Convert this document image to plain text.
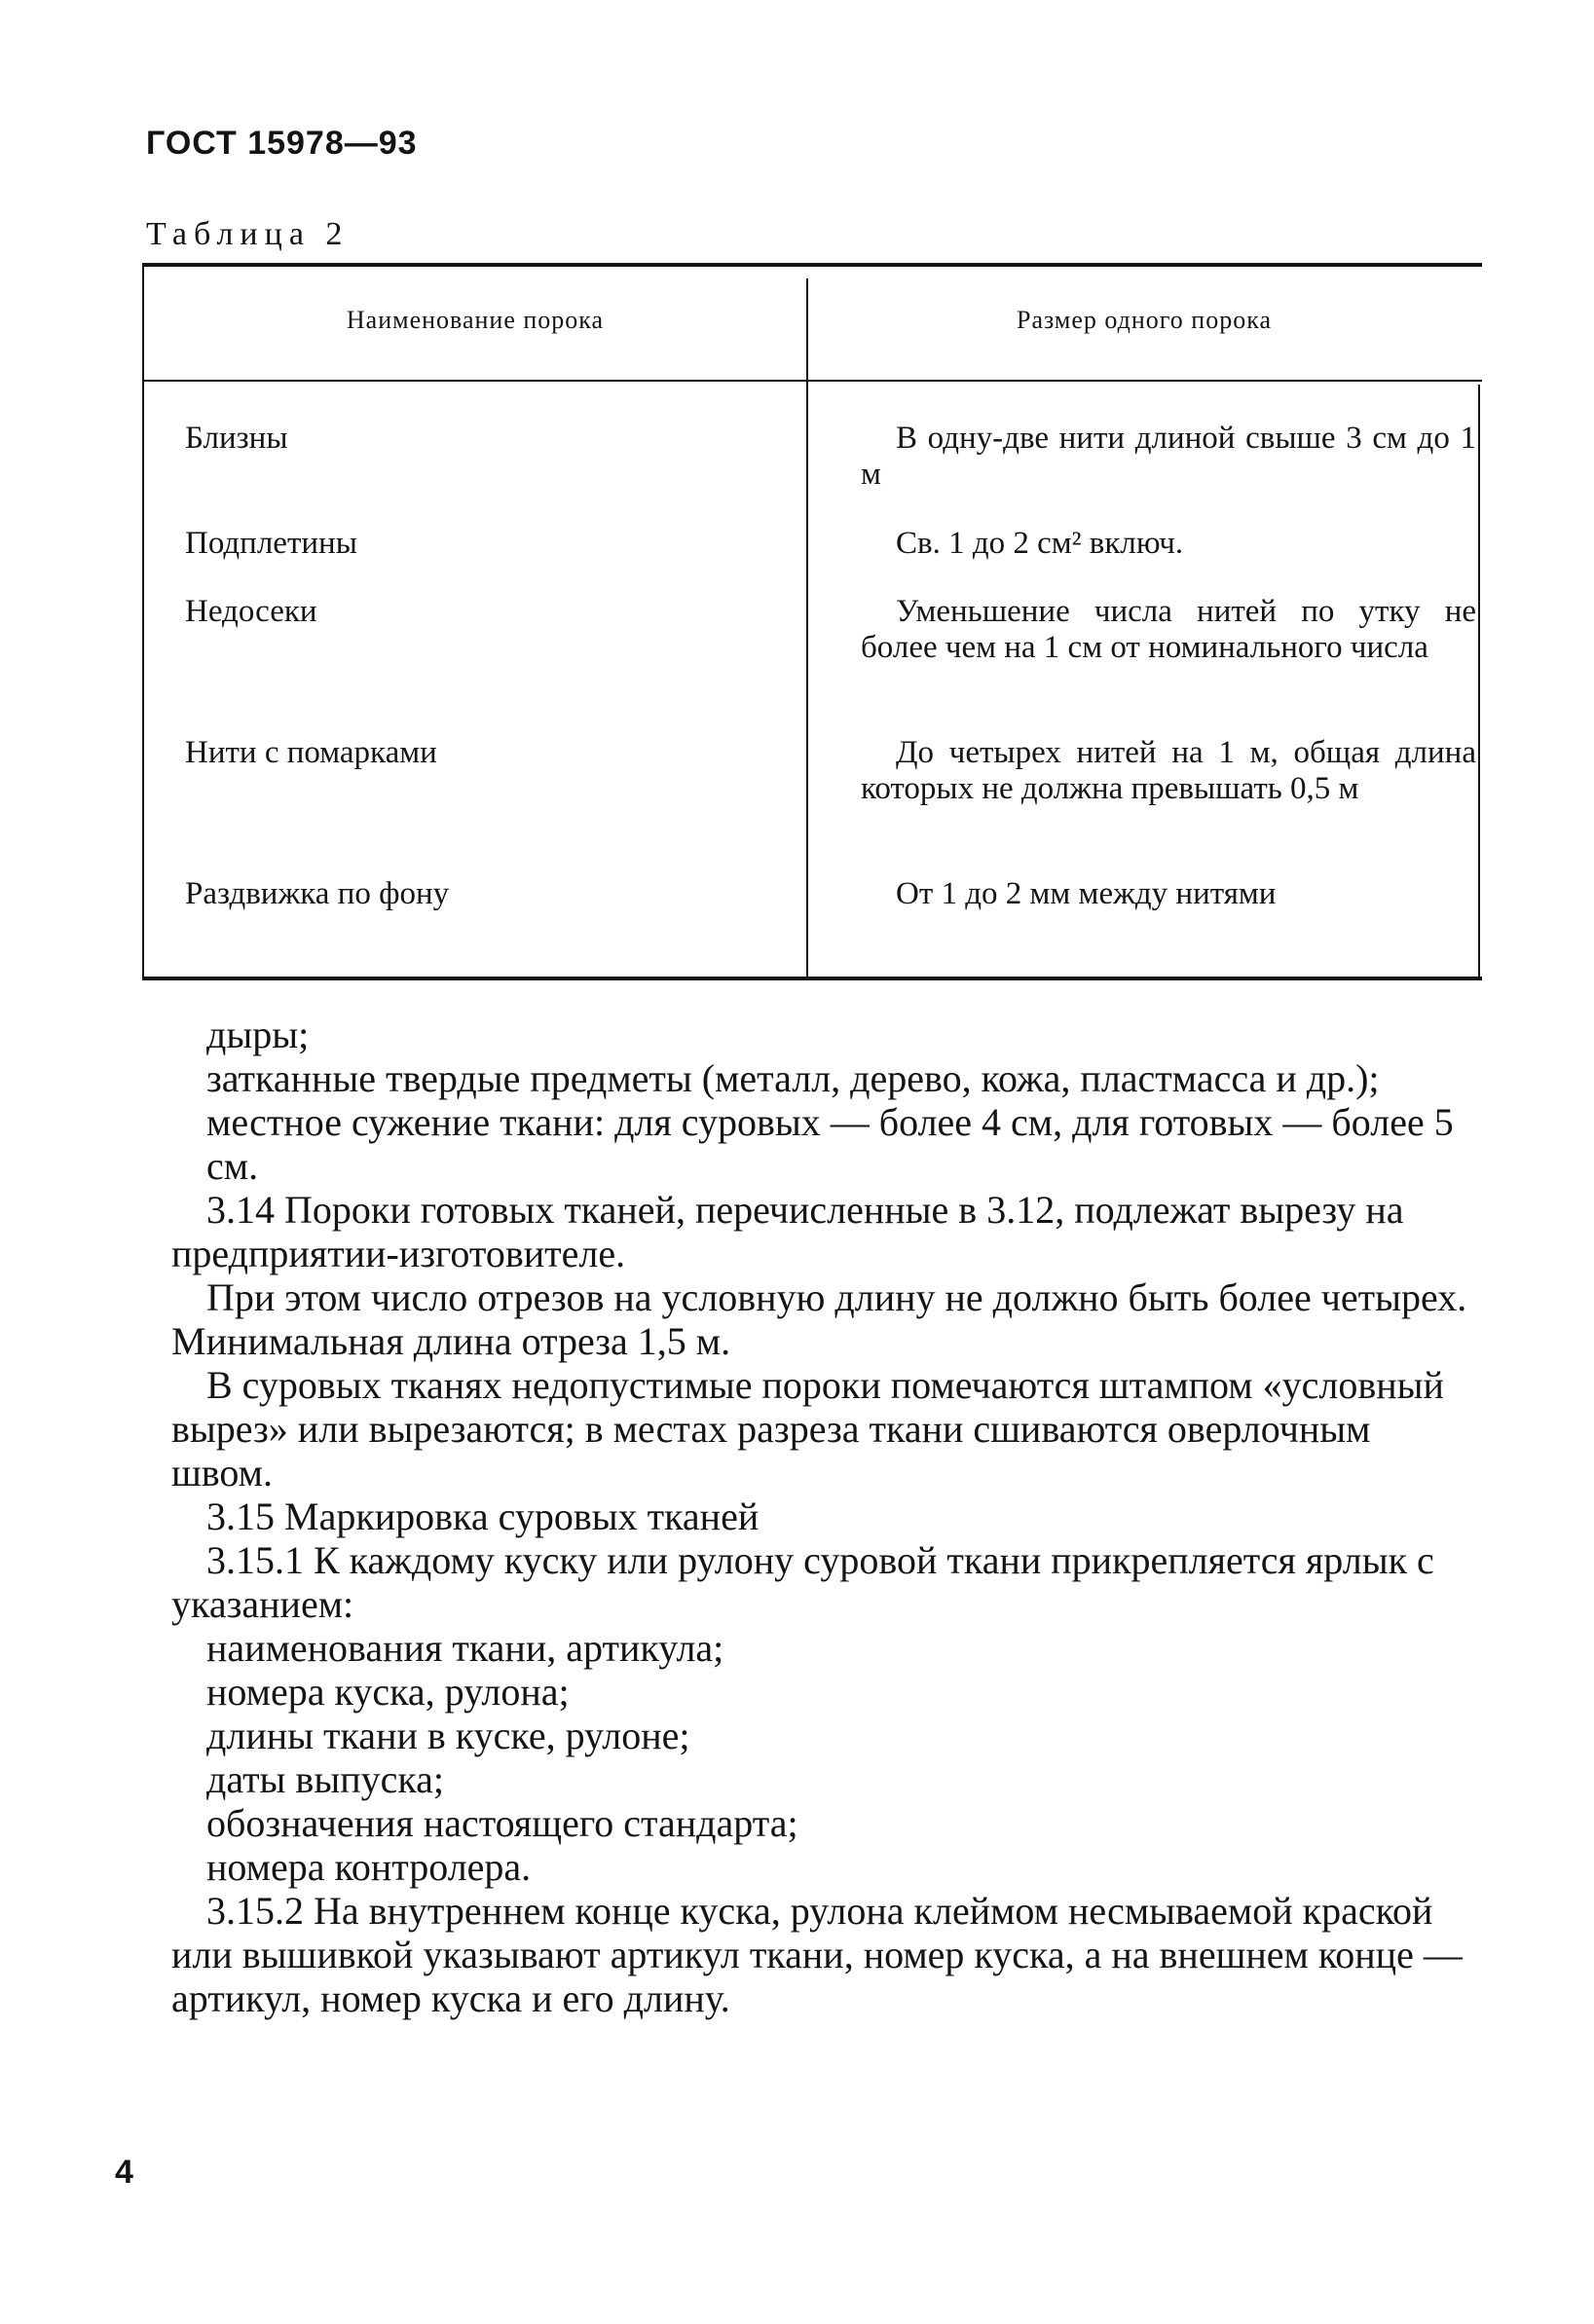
ГОСТ 15978—93
Таблица 2
Наименование порока	Размер одного порока
Близны	В одну-две нити длиной свыше 3 см до 1 м
Подплетины	Св. 1 до 2 см² включ.
Недосеки	Уменьшение числа нитей по утку не более чем на 1 см от номинального числа
Нити с помарками	До четырех нитей на 1 м, общая длина которых не должна превышать 0,5 м
Раздвижка по фону	От 1 до 2 мм между нитями
дыры;
затканные твердые предметы (металл, дерево, кожа, пластмасса и др.);
местное сужение ткани: для суровых — более 4 см, для готовых — более 5 см.
3.14 Пороки готовых тканей, перечисленные в 3.12, подлежат вырезу на предприятии-изготовителе.
При этом число отрезов на условную длину не должно быть более четырех. Минимальная длина отреза 1,5 м.
В суровых тканях недопустимые пороки помечаются штампом «условный вырез» или вырезаются; в местах разреза ткани сшиваются оверлочным швом.
3.15 Маркировка суровых тканей
3.15.1 К каждому куску или рулону суровой ткани прикрепляется ярлык с указанием:
наименования ткани, артикула;
номера куска, рулона;
длины ткани в куске, рулоне;
даты выпуска;
обозначения настоящего стандарта;
номера контролера.
3.15.2 На внутреннем конце куска, рулона клеймом несмываемой краской или вышивкой указывают артикул ткани, номер куска, а на внешнем конце — артикул, номер куска и его длину.
4
